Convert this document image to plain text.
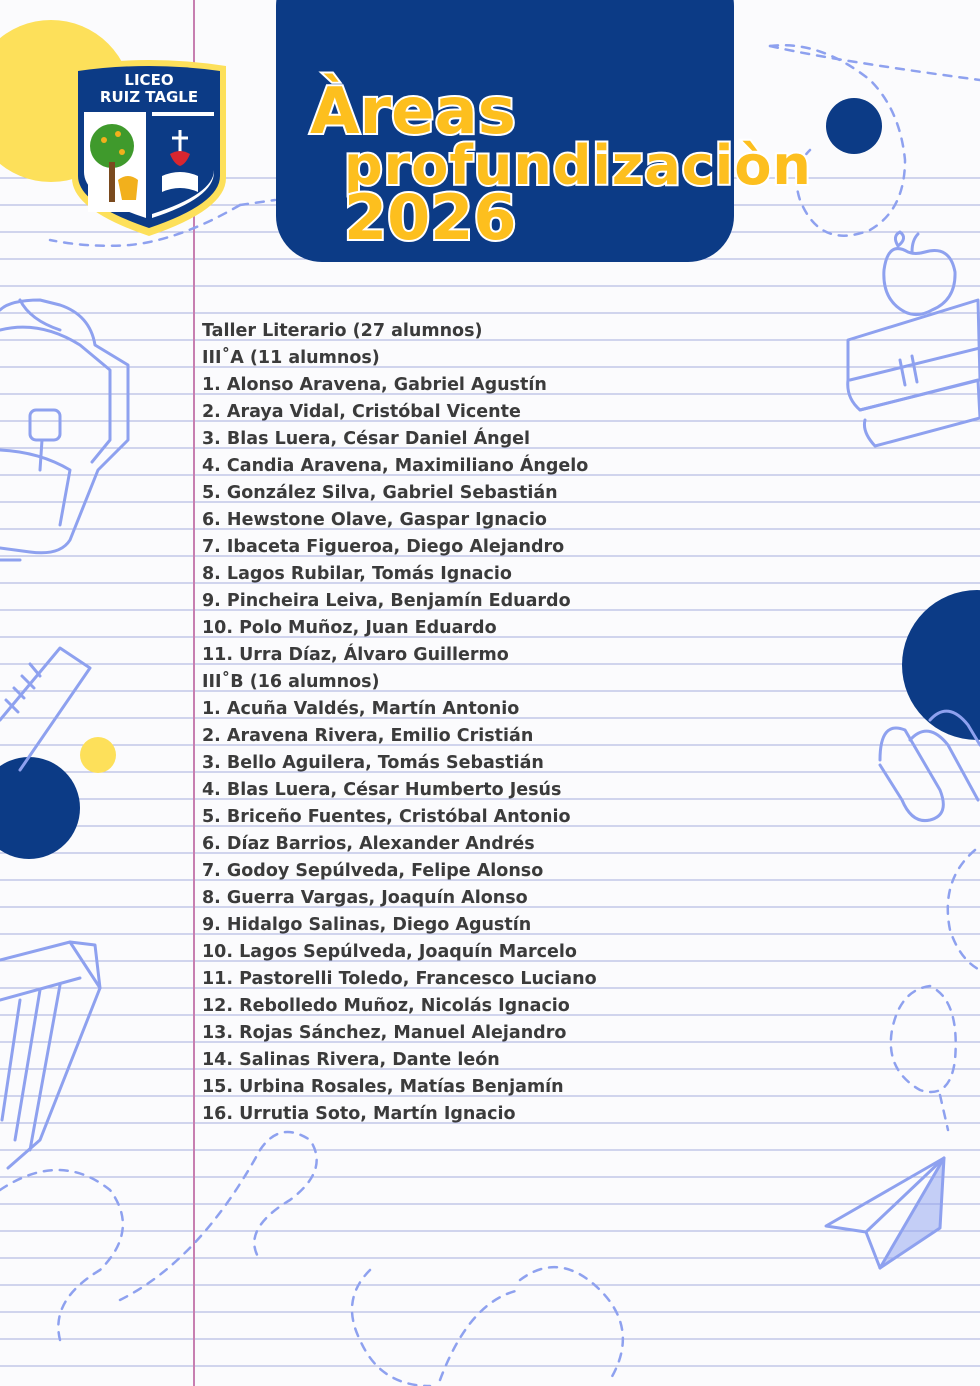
Àreas
profundizaciòn
2026
LICEO
RUIZ TAGLE
Taller Literario (27 alumnos)
III˚A (11 alumnos)
1. Alonso Aravena, Gabriel Agustín
2. Araya Vidal, Cristóbal Vicente
3. Blas Luera, César Daniel Ángel
4. Candia Aravena, Maximiliano Ángelo
5. González Silva, Gabriel Sebastián
6. Hewstone Olave, Gaspar Ignacio
7. Ibaceta Figueroa, Diego Alejandro
8. Lagos Rubilar, Tomás Ignacio
9. Pincheira Leiva, Benjamín Eduardo
10. Polo Muñoz, Juan Eduardo
11. Urra Díaz, Álvaro Guillermo
III˚B (16 alumnos)
1. Acuña Valdés, Martín Antonio
2. Aravena Rivera, Emilio Cristián
3. Bello Aguilera, Tomás Sebastián
4. Blas Luera, César Humberto Jesús
5. Briceño Fuentes, Cristóbal Antonio
6. Díaz Barrios, Alexander Andrés
7. Godoy Sepúlveda, Felipe Alonso
8. Guerra Vargas, Joaquín Alonso
9. Hidalgo Salinas, Diego Agustín
10. Lagos Sepúlveda, Joaquín Marcelo
11. Pastorelli Toledo, Francesco Luciano
12. Rebolledo Muñoz, Nicolás Ignacio
13. Rojas Sánchez, Manuel Alejandro
14. Salinas Rivera, Dante león
15. Urbina Rosales, Matías Benjamín
16. Urrutia Soto, Martín Ignacio
